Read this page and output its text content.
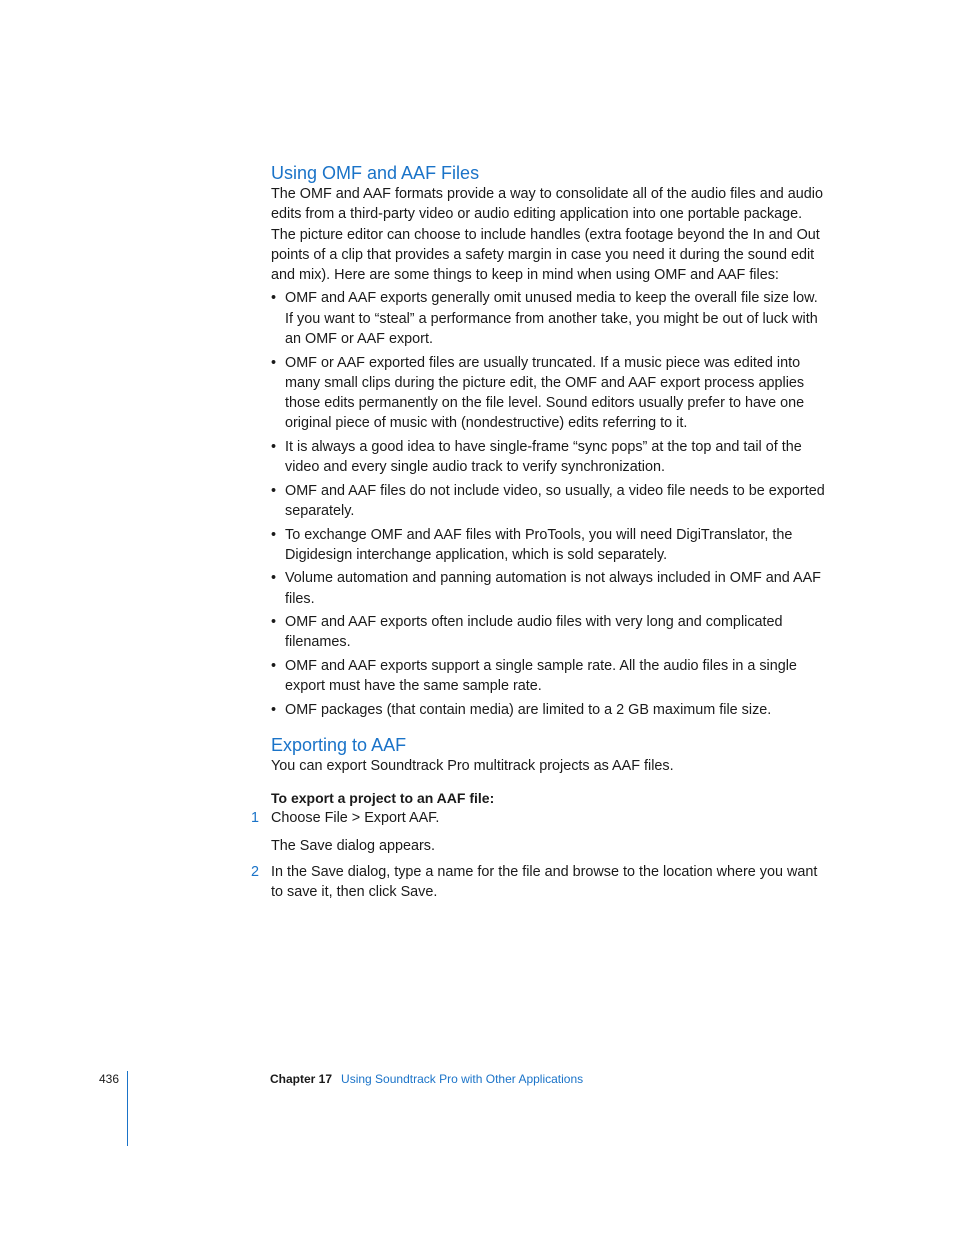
Using OMF and AAF Files

The OMF and AAF formats provide a way to consolidate all of the audio files and audio edits from a third-party video or audio editing application into one portable package. The picture editor can choose to include handles (extra footage beyond the In and Out points of a clip that provides a safety margin in case you need it during the sound edit and mix). Here are some things to keep in mind when using OMF and AAF files:

• OMF and AAF exports generally omit unused media to keep the overall file size low. If you want to “steal” a performance from another take, you might be out of luck with an OMF or AAF export.
• OMF or AAF exported files are usually truncated. If a music piece was edited into many small clips during the picture edit, the OMF and AAF export process applies those edits permanently on the file level. Sound editors usually prefer to have one original piece of music with (nondestructive) edits referring to it.
• It is always a good idea to have single-frame “sync pops” at the top and tail of the video and every single audio track to verify synchronization.
• OMF and AAF files do not include video, so usually, a video file needs to be exported separately.
• To exchange OMF and AAF files with ProTools, you will need DigiTranslator, the Digidesign interchange application, which is sold separately.
• Volume automation and panning automation is not always included in OMF and AAF files.
• OMF and AAF exports often include audio files with very long and complicated filenames.
• OMF and AAF exports support a single sample rate. All the audio files in a single export must have the same sample rate.
• OMF packages (that contain media) are limited to a 2 GB maximum file size.
Exporting to AAF

You can export Soundtrack Pro multitrack projects as AAF files.

To export a project to an AAF file:
1 Choose File > Export AAF.
The Save dialog appears.
2 In the Save dialog, type a name for the file and browse to the location where you want to save it, then click Save.
436	Chapter 17 Using Soundtrack Pro with Other Applications
